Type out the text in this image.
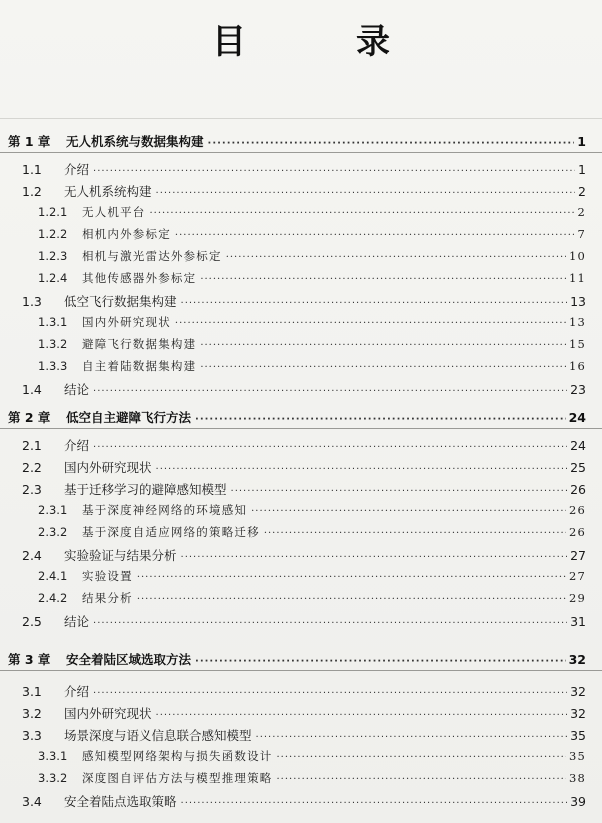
目　录
第 1 章	无人机系统与数据集构建 ·····	1
1.1	介绍 ·····	1
1.2	无人机系统构建 ·····	2
1.2.1	无人机平台 ·····	2
1.2.2	相机内外参标定 ·····	7
1.2.3	相机与激光雷达外参标定 ·····	10
1.2.4	其他传感器外参标定 ·····	11
1.3	低空飞行数据集构建 ·····	13
1.3.1	国内外研究现状 ·····	13
1.3.2	避障飞行数据集构建 ·····	15
1.3.3	自主着陆数据集构建 ·····	16
1.4	结论 ·····	23
第 2 章	低空自主避障飞行方法 ·····	24
2.1	介绍 ·····	24
2.2	国内外研究现状 ·····	25
2.3	基于迁移学习的避障感知模型 ·····	26
2.3.1	基于深度神经网络的环境感知 ·····	26
2.3.2	基于深度自适应网络的策略迁移 ·····	26
2.4	实验验证与结果分析 ·····	27
2.4.1	实验设置 ·····	27
2.4.2	结果分析 ·····	29
2.5	结论 ·····	31
第 3 章	安全着陆区域选取方法 ·····	32
3.1	介绍 ·····	32
3.2	国内外研究现状 ·····	32
3.3	场景深度与语义信息联合感知模型 ·····	35
3.3.1	感知模型网络架构与损失函数设计 ·····	35
3.3.2	深度图自评估方法与模型推理策略 ·····	38
3.4	安全着陆点选取策略 ·····	39
